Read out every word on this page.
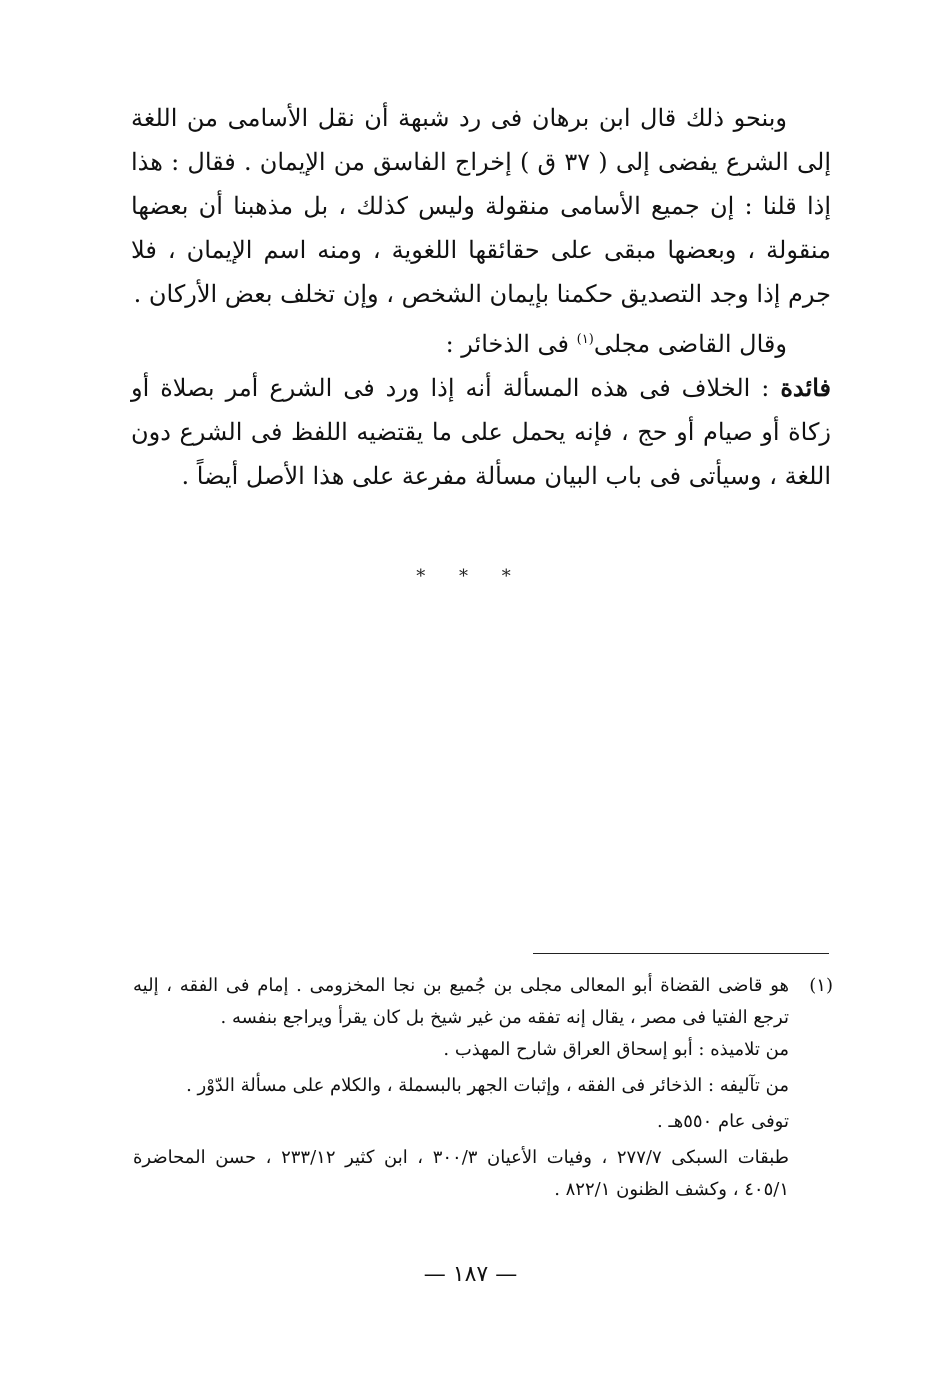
وبنحو ذلك قال ابن برهان فى رد شبهة أن نقل الأسامى من اللغة إلى الشرع يفضى إلى ( ٣٧ ق ) إخراج الفاسق من الإيمان . فقال : هذا إذا قلنا : إن جميع الأسامى منقولة وليس كذلك ، بل مذهبنا أن بعضها منقولة ، وبعضها مبقى على حقائقها اللغوية ، ومنه اسم الإيمان ، فلا جرم إذا وجد التصديق حكمنا بإيمان الشخص ، وإن تخلف بعض الأركان .

وقال القاضى مجلى$^{(١)}$ فى الذخائر :

فائدة : الخلاف فى هذه المسألة أنه إذا ورد فى الشرع أمر بصلاة أو زكاة أو صيام أو حج ، فإنه يحمل على ما يقتضيه اللفظ فى الشرع دون اللغة ، وسيأتى فى باب البيان مسألة مفرعة على هذا الأصل أيضاً .

* * *
(١)
هو قاضى القضاة أبو المعالى مجلى بن جُميع بن نجا المخزومى . إمام فى الفقه ، إليه ترجع الفتيا فى مصر ، يقال إنه تفقه من غير شيخ بل كان يقرأ ويراجع بنفسه .
من تلاميذه : أبو إسحاق العراق شارح المهذب .
من تآليفه : الذخائر فى الفقه ، وإثبات الجهر بالبسملة ، والكلام على مسألة الدّوْر .
توفى عام ٥٥٠هـ .
طبقات السبكى ٢٧٧/٧ ، وفيات الأعيان ٣٠٠/٣ ، ابن كثير ٢٣٣/١٢ ، حسن المحاضرة ٤٠٥/١ ، وكشف الظنون ٨٢٢/١ .
— ١٨٧ —
